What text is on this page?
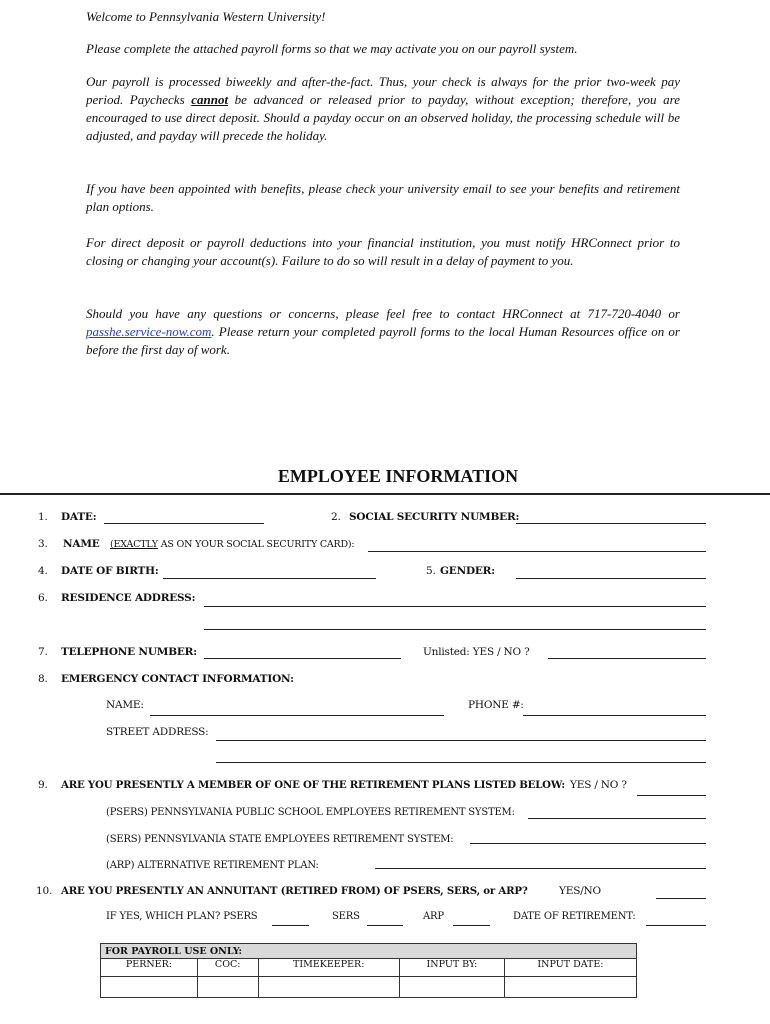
Welcome to Pennsylvania Western University!

Please complete the attached payroll forms so that we may activate you on our payroll system.

Our payroll is processed biweekly and after-the-fact. Thus, your check is always for the prior two-week pay period. Paychecks cannot be advanced or released prior to payday, without exception; therefore, you are encouraged to use direct deposit. Should a payday occur on an observed holiday, the processing schedule will be adjusted, and payday will precede the holiday.

If you have been appointed with benefits, please check your university email to see your benefits and retirement plan options.

For direct deposit or payroll deductions into your financial institution, you must notify HRConnect prior to closing or changing your account(s). Failure to do so will result in a delay of payment to you.

Should you have any questions or concerns, please feel free to contact HRConnect at 717-720-4040 or passhe.service-now.com. Please return your completed payroll forms to the local Human Resources office on or before the first day of work.

EMPLOYEE INFORMATION
1. DATE:	2. SOCIAL SECURITY NUMBER:
3. NAME (EXACTLY AS ON YOUR SOCIAL SECURITY CARD):
4. DATE OF BIRTH:	5. GENDER:
6. RESIDENCE ADDRESS:
7. TELEPHONE NUMBER:	Unlisted: YES / NO ?
8. EMERGENCY CONTACT INFORMATION:
NAME:	PHONE #:
STREET ADDRESS:
9. ARE YOU PRESENTLY A MEMBER OF ONE OF THE RETIREMENT PLANS LISTED BELOW: YES / NO ?
(PSERS) PENNSYLVANIA PUBLIC SCHOOL EMPLOYEES RETIREMENT SYSTEM:
(SERS) PENNSYLVANIA STATE EMPLOYEES RETIREMENT SYSTEM:
(ARP) ALTERNATIVE RETIREMENT PLAN:
10. ARE YOU PRESENTLY AN ANNUITANT (RETIRED FROM) OF PSERS, SERS, or ARP?	YES/NO
IF YES, WHICH PLAN? PSERS	SERS	ARP	DATE OF RETIREMENT:
FOR PAYROLL USE ONLY:				
PERNER:	COC:	TIMEKEEPER:	INPUT BY:	INPUT DATE:
